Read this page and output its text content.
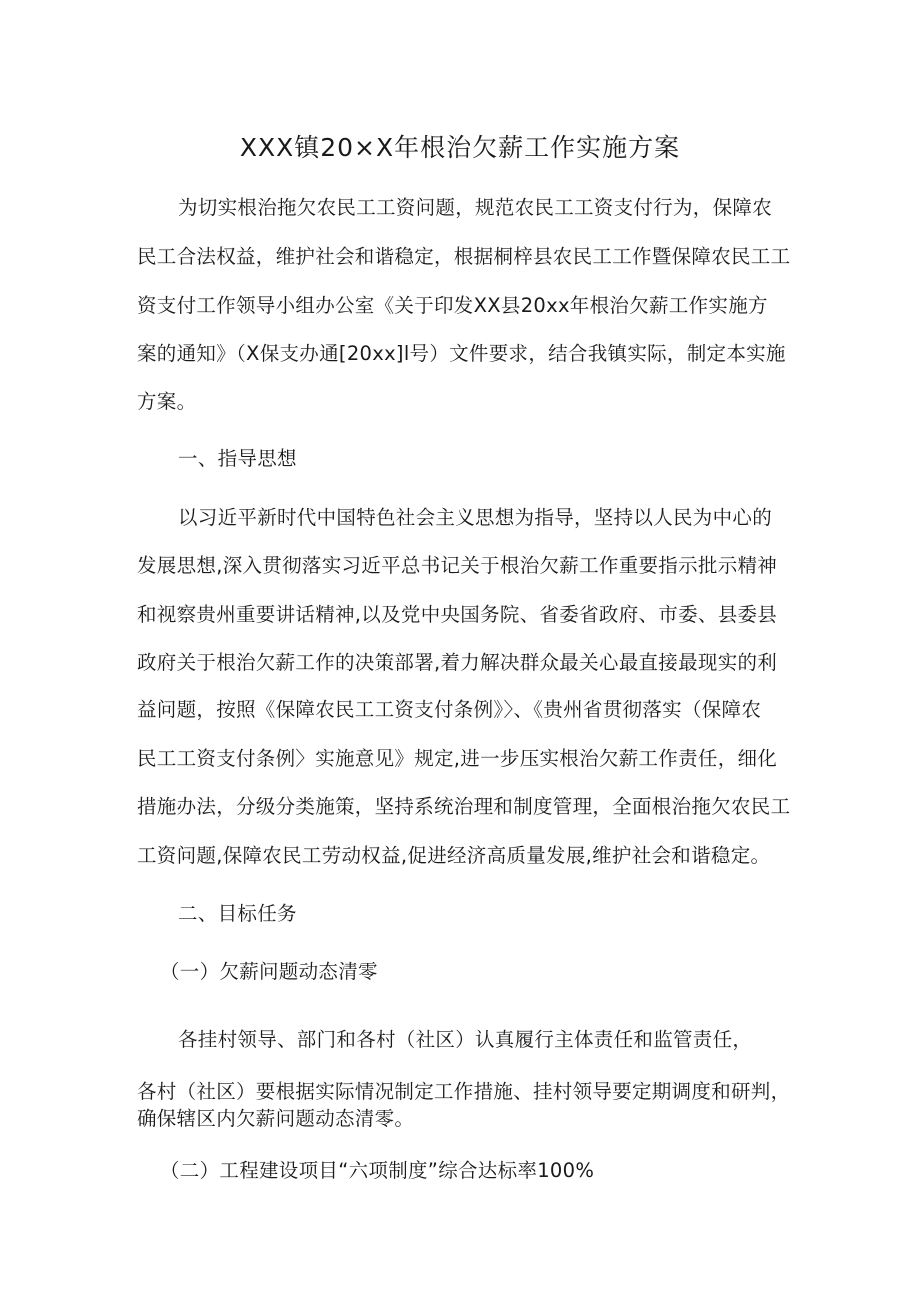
XXX镇20×X年根治欠薪工作实施方案
为切实根治拖欠农民工工资问题，规范农民工工资支付行为，保障农
民工合法权益，维护社会和谐稳定，根据桐梓县农民工工作暨保障农民工工
资支付工作领导小组办公室《关于印发XX县20xx年根治欠薪工作实施方
案的通知》（X保支办通[20xx]l号）文件要求，结合我镇实际，制定本实施
方案。
一、指导思想
以习近平新时代中国特色社会主义思想为指导，坚持以人民为中心的
发展思想,深入贯彻落实习近平总书记关于根治欠薪工作重要指示批示精神
和视察贵州重要讲话精神,以及党中央国务院、省委省政府、市委、县委县
政府关于根治欠薪工作的决策部署,着力解决群众最关心最直接最现实的利
益问题，按照《保障农民工工资支付条例》〉、《贵州省贯彻落实（保障农
民工工资支付条例〉实施意见》规定,进一步压实根治欠薪工作责任，细化
措施办法，分级分类施策，坚持系统治理和制度管理，全面根治拖欠农民工
工资问题,保障农民工劳动权益,促进经济高质量发展,维护社会和谐稳定。
二、目标任务
（一）欠薪问题动态清零
各挂村领导、部门和各村（社区）认真履行主体责任和监管责任，
各村（社区）要根据实际情况制定工作措施、挂村领导要定期调度和研判，
确保辖区内欠薪问题动态清零。
（二）工程建设项目“六项制度”综合达标率100%
